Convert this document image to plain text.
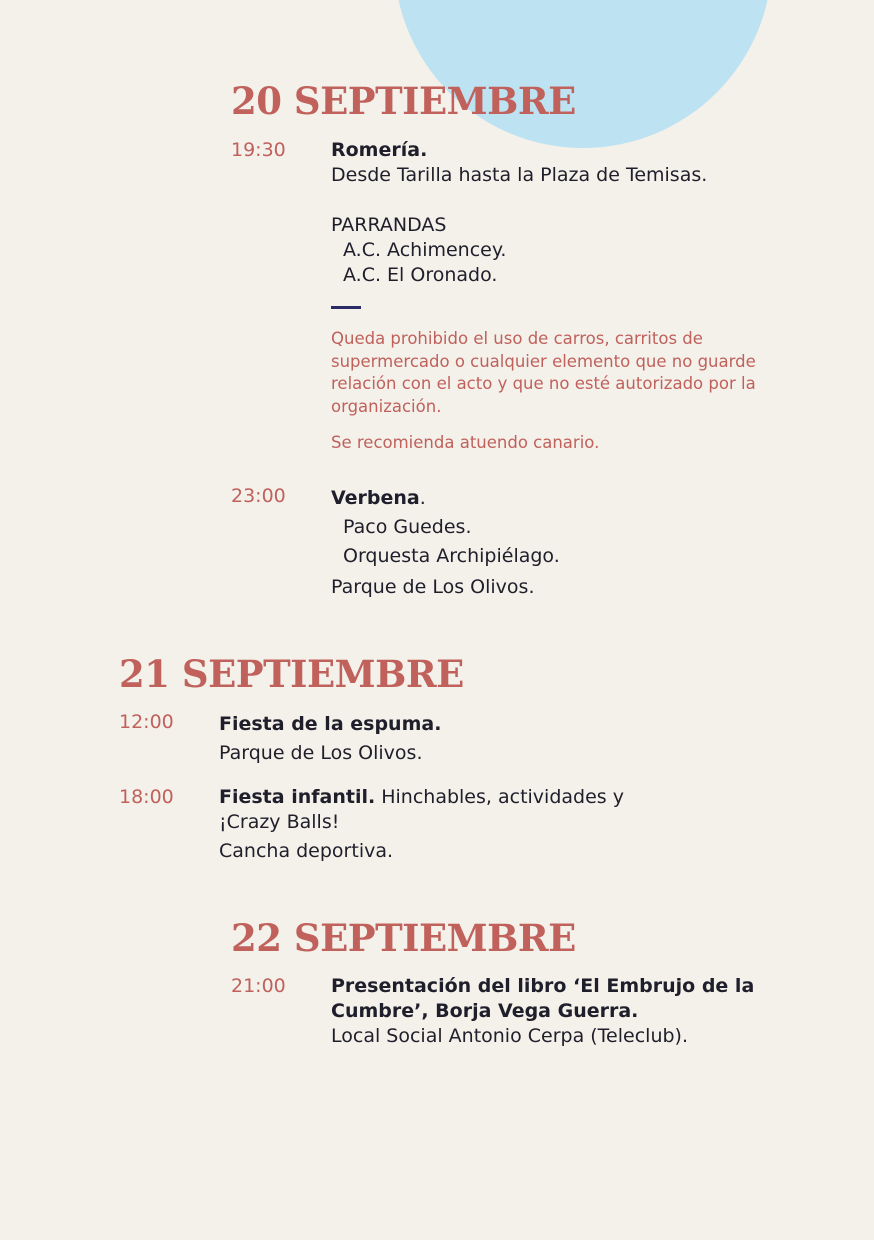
20 SEPTIEMBRE
19:30 Romería.
Desde Tarilla hasta la Plaza de Temisas.
PARRANDAS
A.C. Achimencey.
A.C. El Oronado.
Queda prohibido el uso de carros, carritos de supermercado o cualquier elemento que no guarde relación con el acto y que no esté autorizado por la organización.
Se recomienda atuendo canario.
23:00 Verbena.
Paco Guedes.
Orquesta Archipiélago.
Parque de Los Olivos.
21 SEPTIEMBRE
12:00 Fiesta de la espuma.
Parque de Los Olivos.
18:00 Fiesta infantil. Hinchables, actividades y
¡Crazy Balls!
Cancha deportiva.
22 SEPTIEMBRE
21:00 Presentación del libro ‘El Embrujo de la
Cumbre’, Borja Vega Guerra.
Local Social Antonio Cerpa (Teleclub).
